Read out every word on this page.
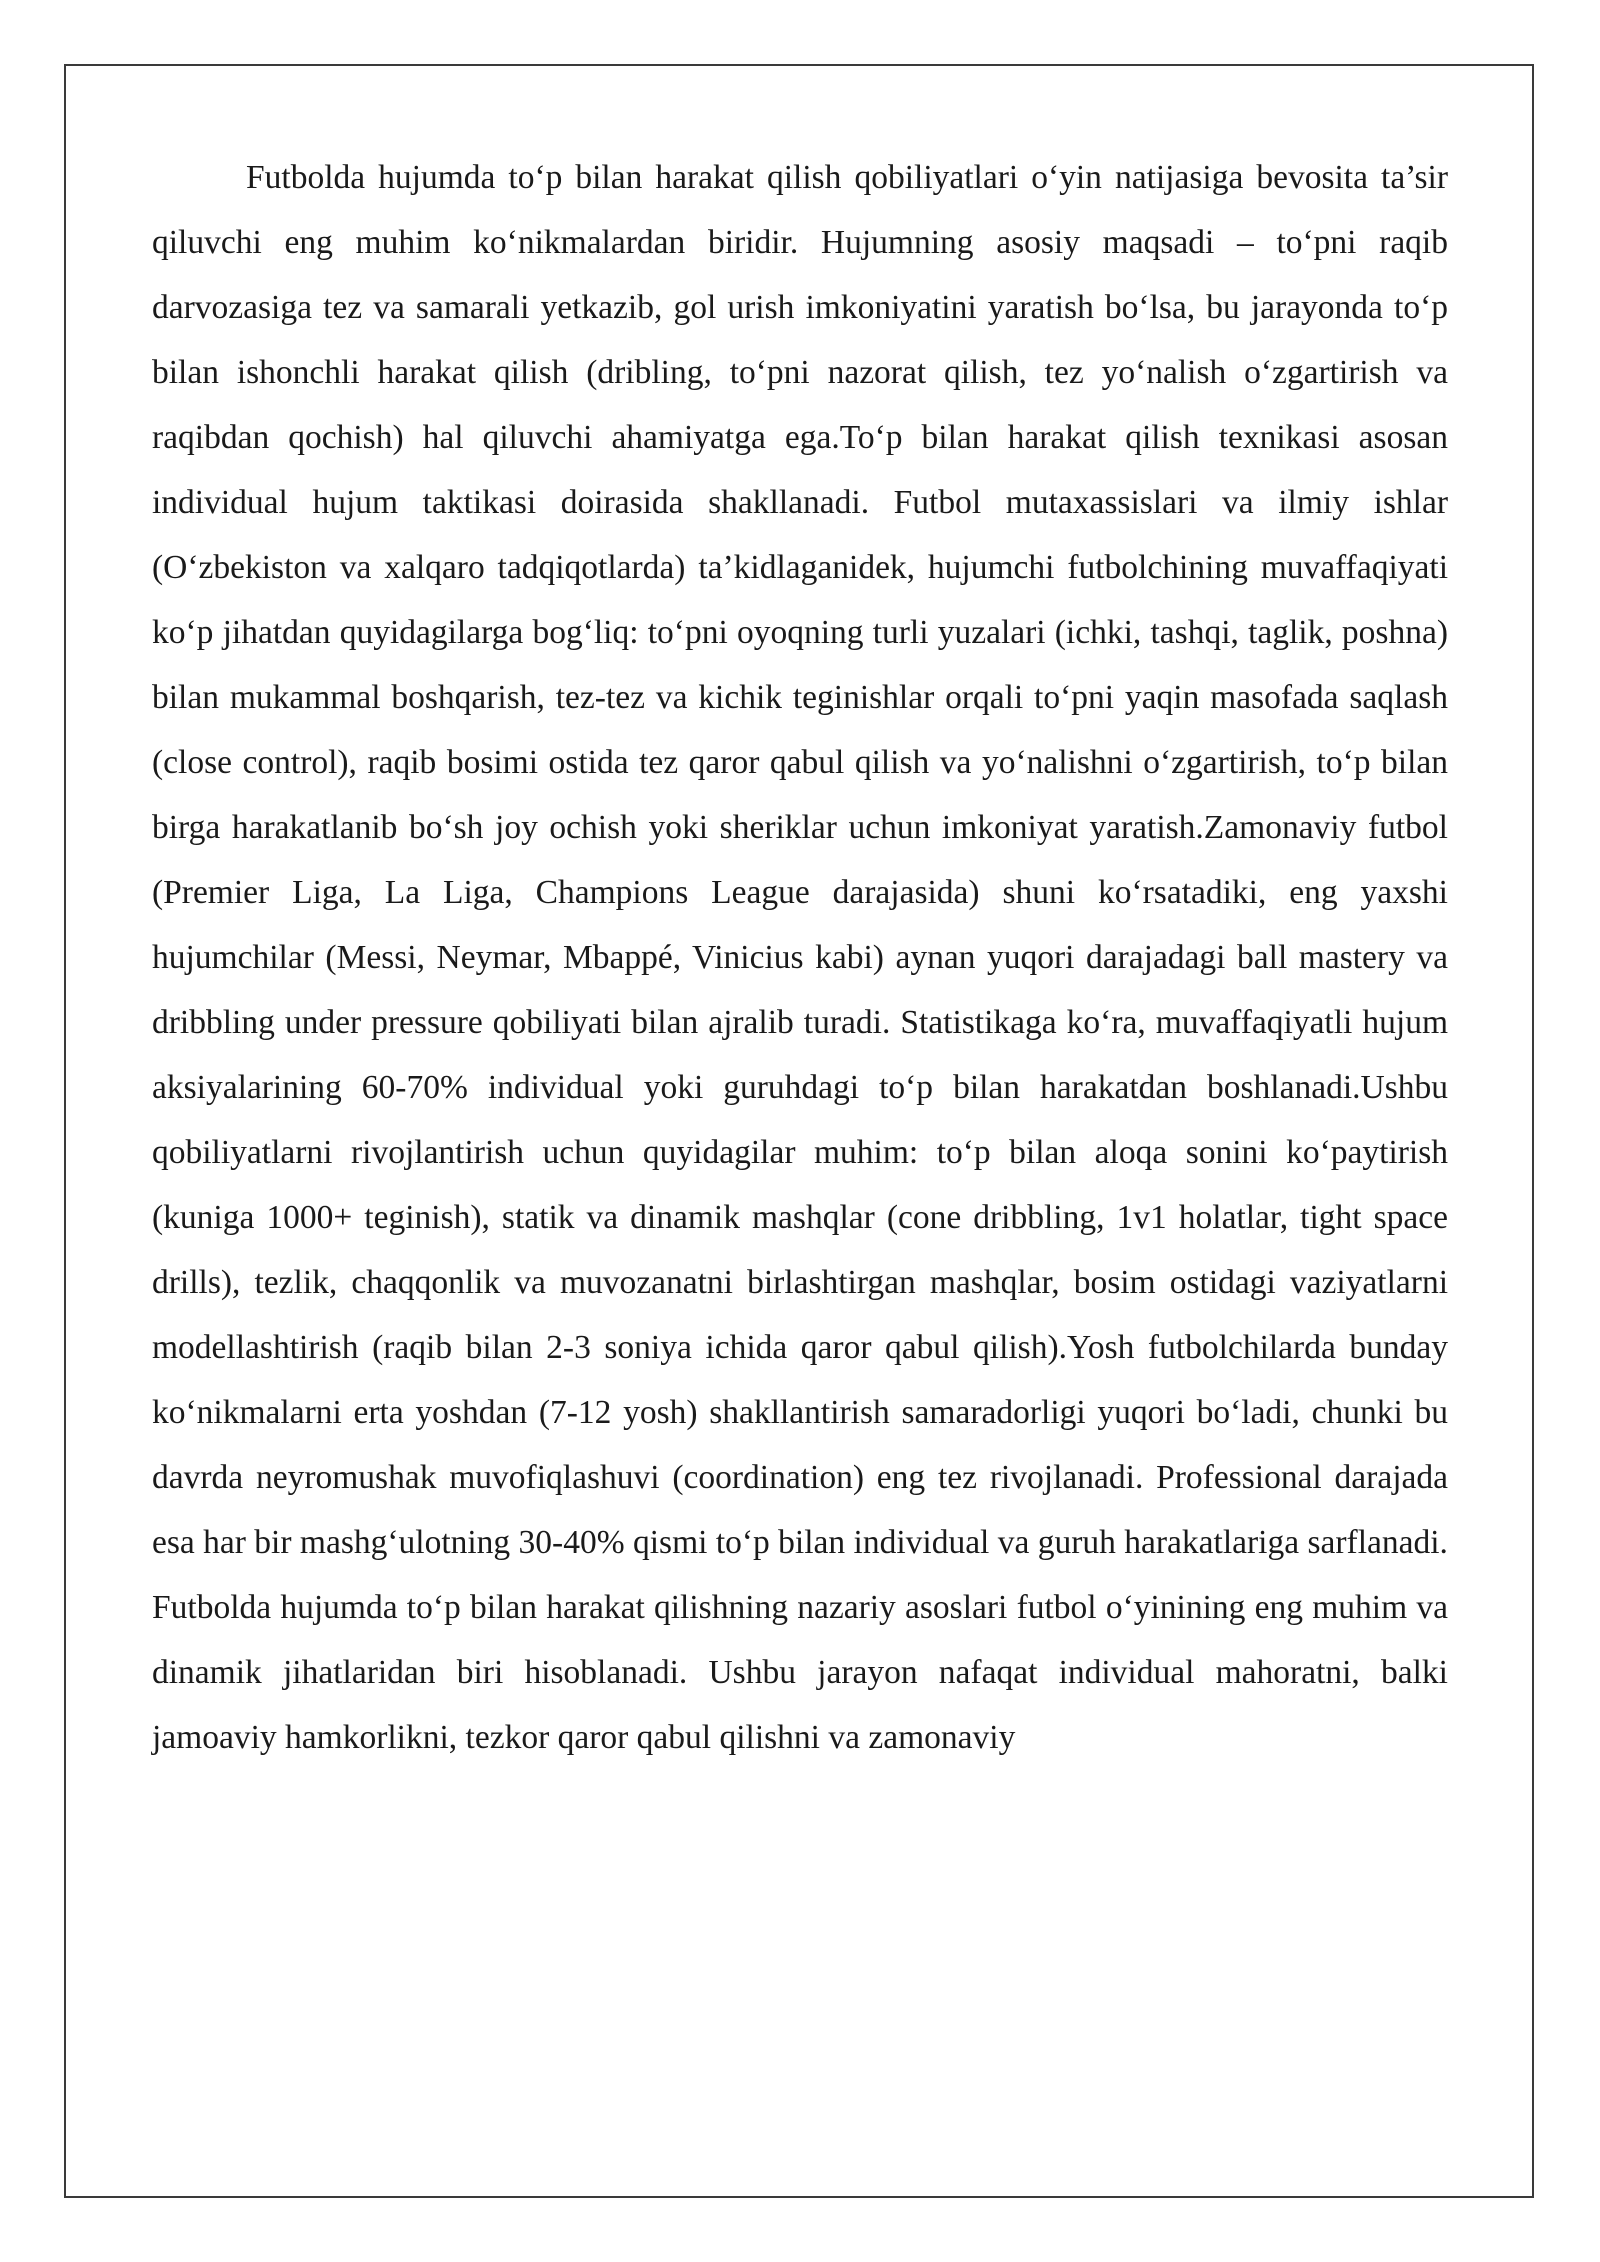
Futbolda hujumda to‘p bilan harakat qilish qobiliyatlari o‘yin natijasiga bevosita ta’sir qiluvchi eng muhim ko‘nikmalardan biridir. Hujumning asosiy maqsadi – to‘pni raqib darvozasiga tez va samarali yetkazib, gol urish imkoniyatini yaratish bo‘lsa, bu jarayonda to‘p bilan ishonchli harakat qilish (dribling, to‘pni nazorat qilish, tez yo‘nalish o‘zgartirish va raqibdan qochish) hal qiluvchi ahamiyatga ega.To‘p bilan harakat qilish texnikasi asosan individual hujum taktikasi doirasida shakllanadi. Futbol mutaxassislari va ilmiy ishlar (O‘zbekiston va xalqaro tadqiqotlarda) ta’kidlaganidek, hujumchi futbolchining muvaffaqiyati ko‘p jihatdan quyidagilarga bog‘liq: to‘pni oyoqning turli yuzalari (ichki, tashqi, taglik, poshna) bilan mukammal boshqarish, tez-tez va kichik teginishlar orqali to‘pni yaqin masofada saqlash (close control), raqib bosimi ostida tez qaror qabul qilish va yo‘nalishni o‘zgartirish, to‘p bilan birga harakatlanib bo‘sh joy ochish yoki sheriklar uchun imkoniyat yaratish.Zamonaviy futbol (Premier Liga, La Liga, Champions League darajasida) shuni ko‘rsatadiki, eng yaxshi hujumchilar (Messi, Neymar, Mbappé, Vinicius kabi) aynan yuqori darajadagi ball mastery va dribbling under pressure qobiliyati bilan ajralib turadi. Statistikaga ko‘ra, muvaffaqiyatli hujum aksiyalarining 60-70% individual yoki guruhdagi to‘p bilan harakatdan boshlanadi.Ushbu qobiliyatlarni rivojlantirish uchun quyidagilar muhim: to‘p bilan aloqa sonini ko‘paytirish (kuniga 1000+ teginish), statik va dinamik mashqlar (cone dribbling, 1v1 holatlar, tight space drills), tezlik, chaqqonlik va muvozanatni birlashtirgan mashqlar, bosim ostidagi vaziyatlarni modellashtirish (raqib bilan 2-3 soniya ichida qaror qabul qilish).Yosh futbolchilarda bunday ko‘nikmalarni erta yoshdan (7-12 yosh) shakllantirish samaradorligi yuqori bo‘ladi, chunki bu davrda neyromushak muvofiqlashuvi (coordination) eng tez rivojlanadi. Professional darajada esa har bir mashg‘ulotning 30-40% qismi to‘p bilan individual va guruh harakatlariga sarflanadi.

Futbolda hujumda to‘p bilan harakat qilishning nazariy asoslari futbol o‘yinining eng muhim va dinamik jihatlaridan biri hisoblanadi. Ushbu jarayon nafaqat individual mahoratni, balki jamoaviy hamkorlikni, tezkor qaror qabul qilishni va zamonaviy
